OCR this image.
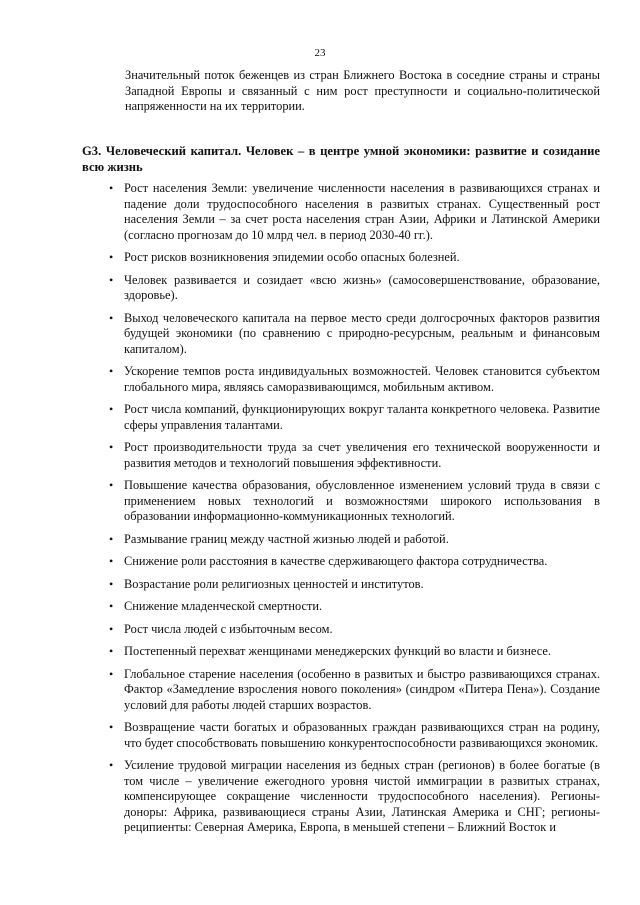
23

Значительный поток беженцев из стран Ближнего Востока в соседние страны и страны Западной Европы и связанный с ним рост преступности и социально-политической напряженности на их территории.

G3. Человеческий капитал. Человек – в центре умной экономики: развитие и созидание всю жизнь
• Рост населения Земли: увеличение численности населения в развивающихся странах и падение доли трудоспособного населения в развитых странах. Существенный рост населения Земли – за счет роста населения стран Азии, Африки и Латинской Америки (согласно прогнозам до 10 млрд чел. в период 2030-40 гг.).
• Рост рисков возникновения эпидемии особо опасных болезней.
• Человек развивается и созидает «всю жизнь» (самосовершенствование, образование, здоровье).
• Выход человеческого капитала на первое место среди долгосрочных факторов развития будущей экономики (по сравнению с природно-ресурсным, реальным и финансовым капиталом).
• Ускорение темпов роста индивидуальных возможностей. Человек становится субъектом глобального мира, являясь саморазвивающимся, мобильным активом.
• Рост числа компаний, функционирующих вокруг таланта конкретного человека. Развитие сферы управления талантами.
• Рост производительности труда за счет увеличения его технической вооруженности и развития методов и технологий повышения эффективности.
• Повышение качества образования, обусловленное изменением условий труда в связи с применением новых технологий и возможностями широкого использования в образовании информационно-коммуникационных технологий.
• Размывание границ между частной жизнью людей и работой.
• Снижение роли расстояния в качестве сдерживающего фактора сотрудничества.
• Возрастание роли религиозных ценностей и институтов.
• Снижение младенческой смертности.
• Рост числа людей с избыточным весом.
• Постепенный перехват женщинами менеджерских функций во власти и бизнесе.
• Глобальное старение населения (особенно в развитых и быстро развивающихся странах. Фактор «Замедление взросления нового поколения» (синдром «Питера Пена»). Создание условий для работы людей старших возрастов.
• Возвращение части богатых и образованных граждан развивающихся стран на родину, что будет способствовать повышению конкурентоспособности развивающихся экономик.
• Усиление трудовой миграции населения из бедных стран (регионов) в более богатые (в том числе – увеличение ежегодного уровня чистой иммиграции в развитых странах, компенсирующее сокращение численности трудоспособного населения). Регионы-доноры: Африка, развивающиеся страны Азии, Латинская Америка и СНГ; регионы-реципиенты: Северная Америка, Европа, в меньшей степени – Ближний Восток и
